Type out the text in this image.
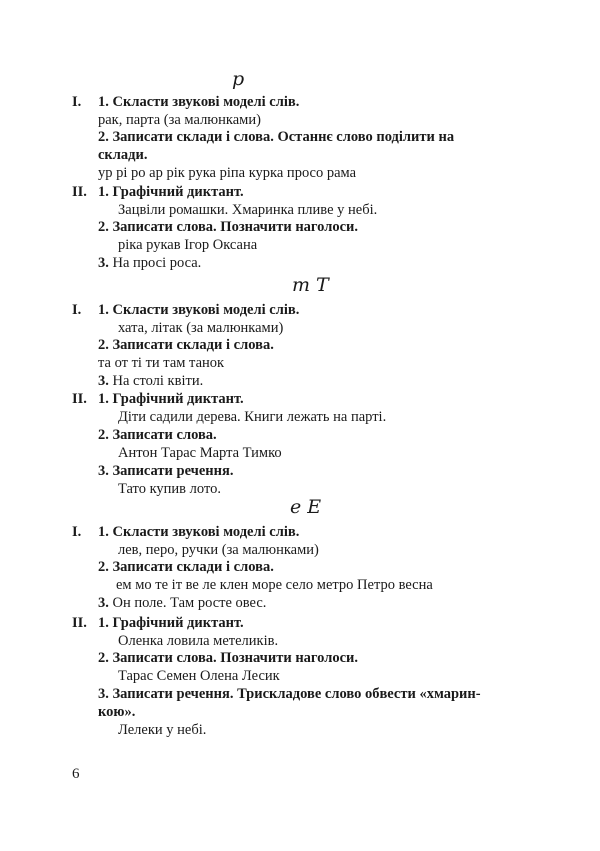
р
I. 1. Скласти звукові моделі слів.
рак, парта (за малюнками)
2. Записати склади і слова. Останнє слово поділити на
склади.
ур рі ро ар рік рука ріпа курка просо рама
II. 1. Графічний диктант.
Зацвіли ромашки. Хмаринка пливе у небі.
2. Записати слова. Позначити наголоси.
ріка рукав Ігор Оксана
3. На просі роса.
т Т
I. 1. Скласти звукові моделі слів.
хата, літак (за малюнками)
2. Записати склади і слова.
та от ті ти там танок
3. На столі квіти.
II. 1. Графічний диктант.
Діти садили дерева. Книги лежать на парті.
2. Записати слова.
Антон Тарас Марта Тимко
3. Записати речення.
Тато купив лото.
е Е
I. 1. Скласти звукові моделі слів.
лев, перо, ручки (за малюнками)
2. Записати склади і слова.
ем мо те іт ве ле клен море село метро Петро весна
3. Он поле. Там росте овес.
II. 1. Графічний диктант.
Оленка ловила метеликів.
2. Записати слова. Позначити наголоси.
Тарас Семен Олена Лесик
3. Записати речення. Трискладове слово обвести «хмарин-
кою».
Лелеки у небі.
6
